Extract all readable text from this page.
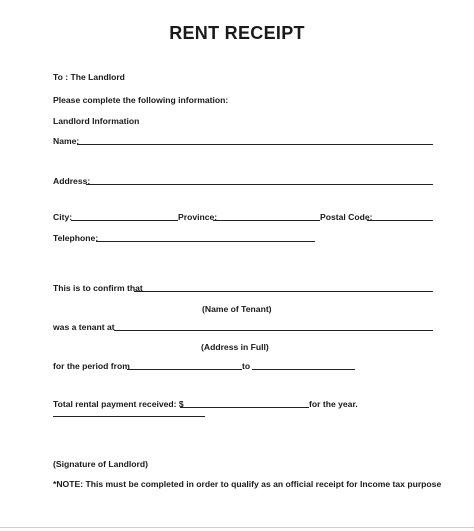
RENT RECEIPT
To : The Landlord
Please complete the following information:
Landlord Information
Name:
Address:
City:	Province:	Postal Code:
Telephone:
This is to confirm that
(Name of Tenant)
was a tenant at
(Address in Full)
for the period from	to
Total rental payment received: $	for the year.
(Signature of Landlord)
*NOTE: This must be completed in order to qualify as an official receipt for Income tax purpose
